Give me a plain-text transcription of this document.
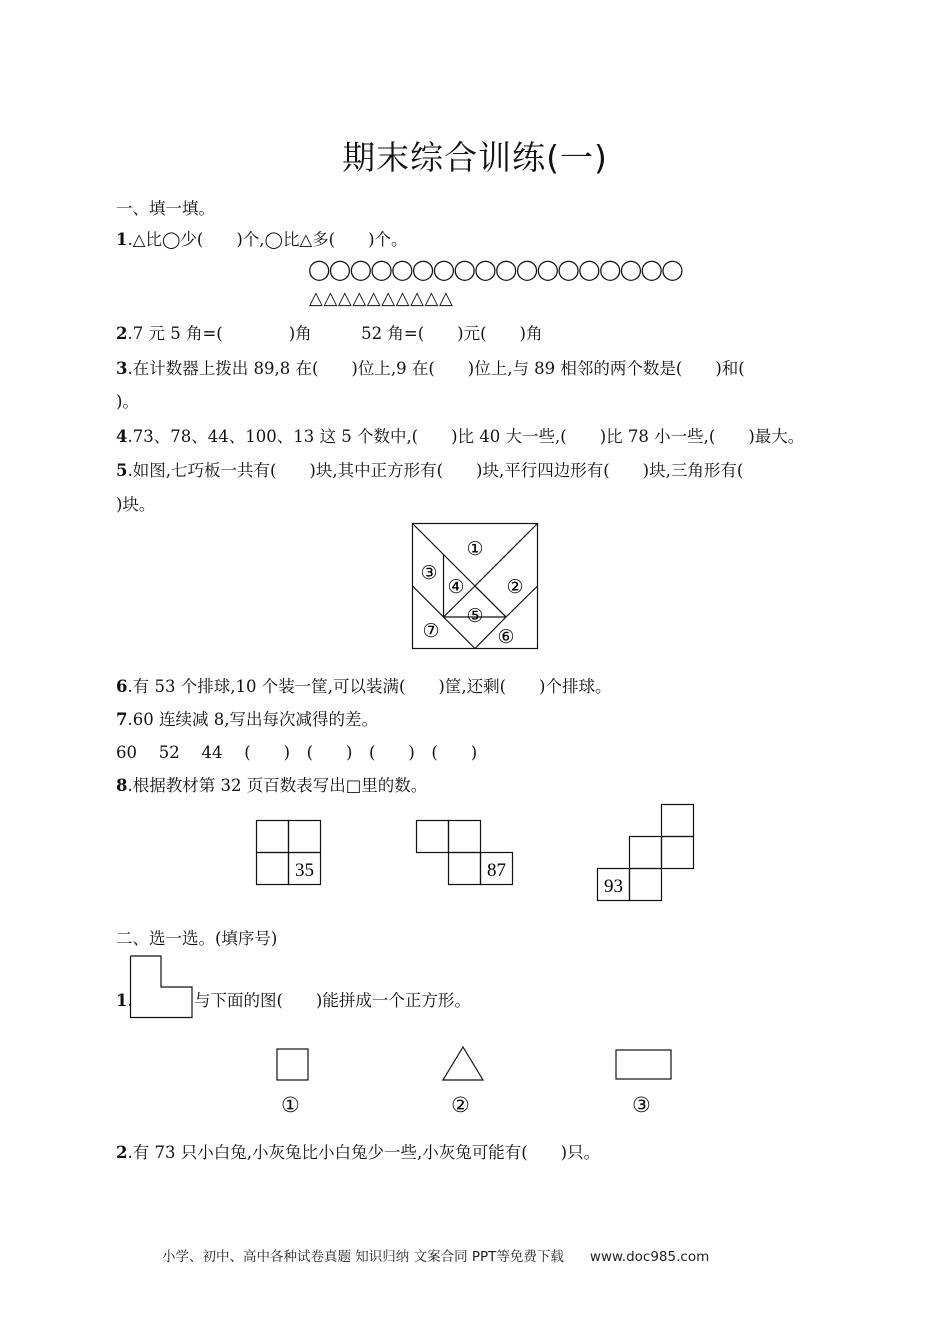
期末综合训练(一)
一、填一填。
1.△比◯少(　　)个,◯比△多(　　)个。
◯◯◯◯◯◯◯◯◯◯◯◯◯◯◯◯◯◯
△△△△△△△△△△
2.7 元 5 角=(　　　　)角　　　52 角=(　　)元(　　)角
3.在计数器上拨出 89,8 在(　　)位上,9 在(　　)位上,与 89 相邻的两个数是(　　)和(
)。
4.73、78、44、100、13 这 5 个数中,(　　)比 40 大一些,(　　)比 78 小一些,(　　)最大。
5.如图,七巧板一共有(　　)块,其中正方形有(　　)块,平行四边形有(　　)块,三角形有(
)块。
①
②
③
④
⑤
⑥
⑦
6.有 53 个排球,10 个装一筐,可以装满(　　)筐,还剩(　　)个排球。
7.60 连续减 8,写出每次减得的差。
60　 52　 44　 (　　)　(　　)　(　　)　(　　)
8.根据教材第 32 页百数表写出□里的数。
35	87
93
二、选一选。(填序号)
1.	与下面的图(　　)能拼成一个正方形。
①	②	③
2.有 73 只小白兔,小灰兔比小白兔少一些,小灰兔可能有(　　)只。
小学、初中、高中各种试卷真题 知识归纳 文案合同 PPT等免费下载 www.doc985.com
